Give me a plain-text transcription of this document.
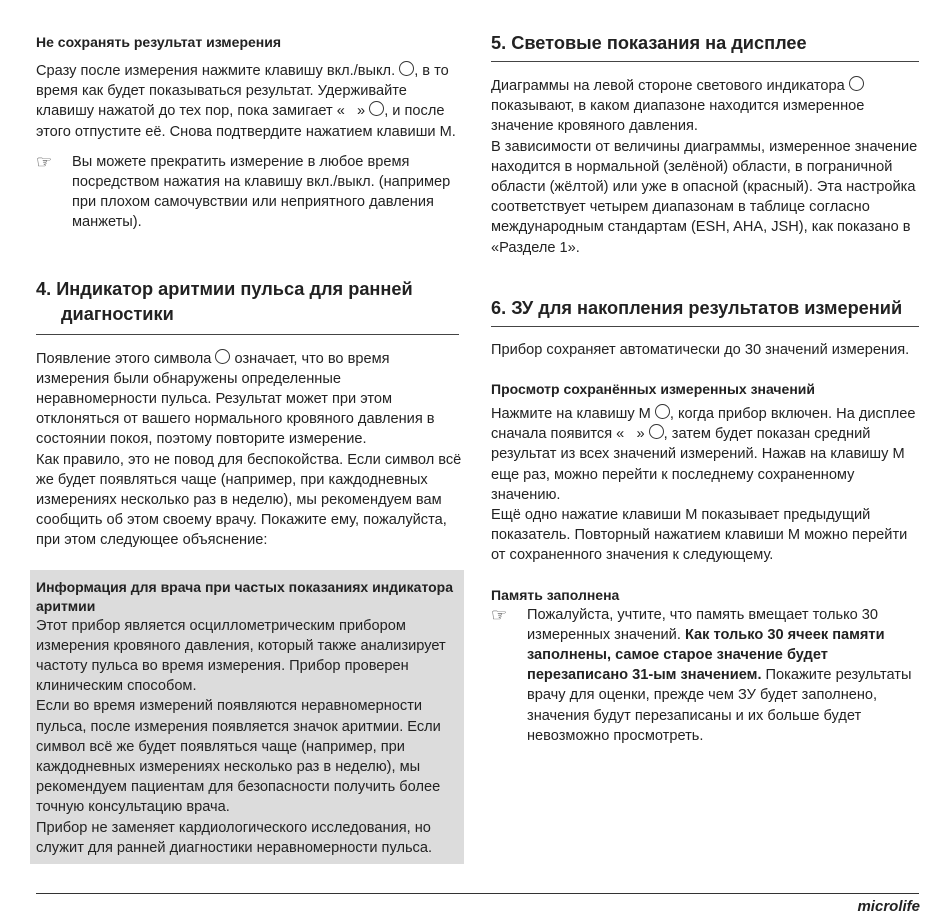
Не сохранять результат измерения

Сразу после измерения нажмите клавишу вкл./выкл. , в то время как будет показываться результат. Удерживайте клавишу нажатой до тех пор, пока замигает « » , и после этого отпустите её. Снова подтвердите нажатием клавиши M.

☞ Вы можете прекратить измерение в любое время посредством нажатия на клавишу вкл./выкл. (например при плохом самочувствии или неприятного давления манжеты).

4. Индикатор аритмии пульса для ранней

диагностики

Появление этого символа означает, что во время измерения были обнаружены определенные неравномерности пульса. Результат может при этом отклоняться от вашего нормального кровяного давления в состоянии покоя, поэтому повторите измерение.

Как правило, это не повод для беспокойства. Если символ всё же будет появляться чаще (например, при каждодневных измерениях несколько раз в неделю), мы рекомендуем вам сообщить об этом своему врачу. Покажите ему, пожалуйста, при этом следующее объяснение:

Информация для врача при частых показаниях индикатора аритмии

Этот прибор является осциллометрическим прибором измерения кровяного давления, который также анализирует частоту пульса во время измерения. Прибор проверен клиническим способом.

Если во время измерений появляются неравномерности пульса, после измерения появляется значок аритмии. Если символ всё же будет появляться чаще (например, при каждодневных измерениях несколько раз в неделю), мы рекомендуем пациентам для безопасности получить более точную консультацию врача.

Прибор не заменяет кардиологического исследования, но служит для ранней диагностики неравномерности пульса.

5. Световые показания на дисплее

Диаграммы на левой стороне светового индикатора  показывают, в каком диапазоне находится измеренное значение кровяного давления.

В зависимости от величины диаграммы, измеренное значение находится в нормальной (зелёной) области, в пограничной области (жёлтой) или уже в опасной (красный). Эта настройка соответствует четырем диапазонам в таблице согласно международным стандартам (ESH, AHA, JSH), как показано в «Разделе 1».

6. ЗУ для накопления результатов измерений

Прибор сохраняет автоматически до 30 значений измерения.

Просмотр сохранённых измеренных значений

Нажмите на клавишу M , когда прибор включен. На дисплее сначала появится « » , затем будет показан средний результат из всех значений измерений. Нажав на клавишу M еще раз, можно перейти к последнему сохраненному значению.

Ещё одно нажатие клавиши M показывает предыдущий показатель. Повторный нажатием клавиши M можно перейти от сохраненного значения к следующему.

Память заполнена

☞ Пожалуйста, учтите, что память вмещает только 30 измеренных значений. Как только 30 ячеек памяти заполнены, самое старое значение будет перезаписано 31-ым значением. Покажите результаты врачу для оценки, прежде чем ЗУ будет заполнено, значения будут перезаписаны и их больше будет невозможно просмотреть.

microlife
